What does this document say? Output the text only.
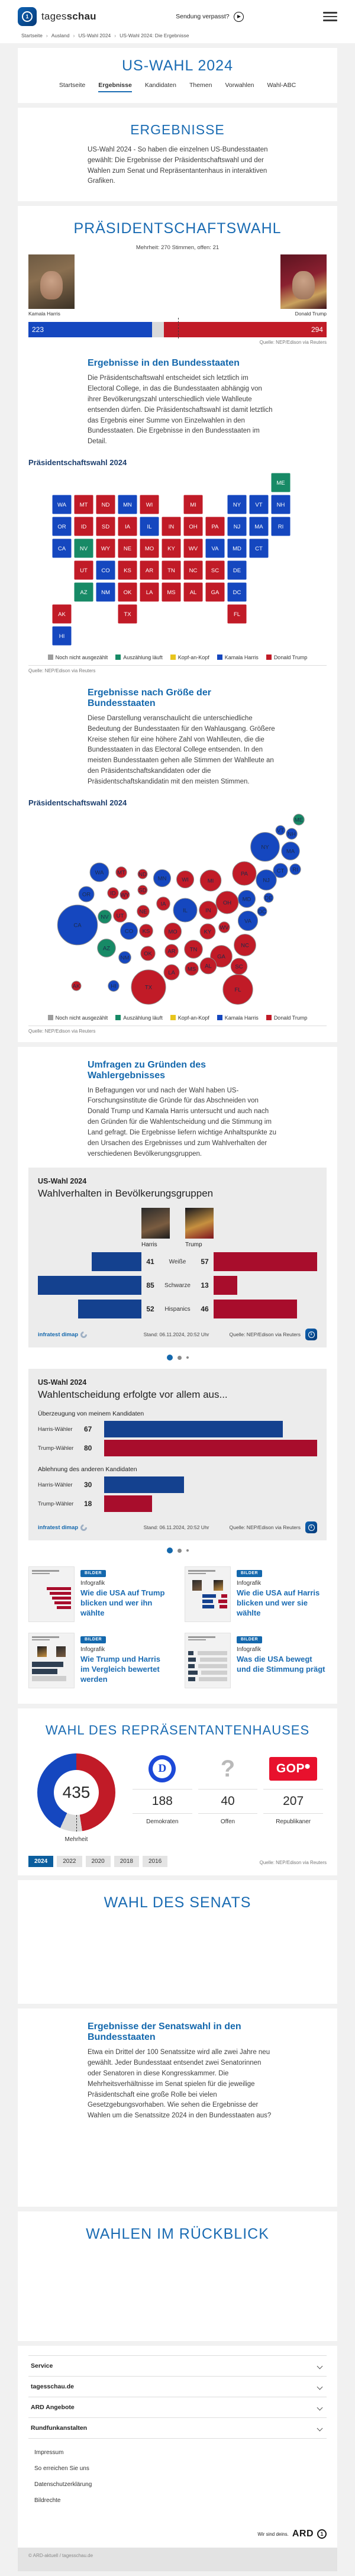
1	tagesschau	Sendung verpasst?
Startseite › Ausland › US-Wahl 2024 › US-Wahl 2024: Die Ergebnisse
US-WAHL 2024
Startseite Ergebnisse Kandidaten Themen Vorwahlen Wahl-ABC
ERGEBNISSE

US-Wahl 2024 - So haben die einzelnen US-Bundesstaaten gewählt: Die Ergebnisse der Präsidentschaftswahl und der Wahlen zum Senat und Repräsentantenhaus in interaktiven Grafiken.

PRÄSIDENTSCHAFTSWAHL
Mehrheit: 270 Stimmen, offen: 21
Kamala Harris	Donald Trump
223	294
Quelle: NEP/Edison via Reuters
Ergebnisse in den Bundesstaaten

Die Präsidentschaftswahl entscheidet sich letztlich im Electoral College, in das die Bundesstaaten abhängig von ihrer Bevölkerungszahl unterschiedlich viele Wahlleute entsenden dürfen. Die Präsidentschaftswahl ist damit letztlich das Ergebnis einer Summe von Einzelwahlen in den Bundesstaaten. Die Ergebnisse in den Bundesstaaten im Detail.

Präsidentschaftswahl 2024
ME
WA MT ND MN	WI	MI	NY	VT	NH
OR	ID	SD	IA	IL	IN	OH	PA	NJ	MA	RI
CA	NV WY NE MO KY WV VA MD CT
UT CO KS	AR	TN	NC SC	DE
AZ NM OK	LA	MS	AL	GA DC
AK	TX	FL
HI
Noch nicht ausgezählt	Auszählung läuft	Kopf-an-Kopf	Kamala Harris	Donald Trump
Quelle: NEP/Edison via Reuters
Ergebnisse nach Größe der Bundesstaaten

Diese Darstellung veranschaulicht die unterschiedliche Bedeutung der Bundesstaaten für den Wahlausgang. Größere Kreise stehen für eine höhere Zahl von Wahlleuten, die die Bundesstaaten in das Electoral College entsenden. In den meisten Bundesstaaten gehen alle Stimmen der Wahlleute an den Präsidentschaftskandidaten oder die Präsidentschaftskandidatin mit den meisten Stimmen.

Präsidentschaftswahl 2024
WA MT ND
MN	WI	MI
PA
NY
VT
NH
MA
ME
CT RI
NJ
OR	ID WY
SD
IA
IL	IN
OH
MD DE
CA
NV UT
NE
CO KS	MO	KY
WV
VA
NC
AZ
NM
OK	AR	TN
SC
GA
MS AL
LA
TX
AK	HI
FL
DC
Noch nicht ausgezählt	Auszählung läuft	Kopf-an-Kopf	Kamala Harris	Donald Trump
Quelle: NEP/Edison via Reuters
Umfragen zu Gründen des Wahlergebnisses

In Befragungen vor und nach der Wahl haben US-Forschungsinstitute die Gründe für das Abschneiden von Donald Trump und Kamala Harris untersucht und auch nach den Gründen für die Wahlentscheidung und die Stimmung im Land gefragt. Die Ergebnisse liefern wichtige Anhaltspunkte zu den Ursachen des Ergebnisses und zum Wahlverhalten der verschiedenen Bevölkerungsgruppen.

US-Wahl 2024
Wahlverhalten in Bevölkerungsgruppen
Harris	Trump
41	Weiße	57
85	Schwarze	13
52	Hispanics	46
infratest dimap	Stand: 06.11.2024, 20:52 Uhr	Quelle: NEP/Edison via Reuters	1
US-Wahl 2024
Wahlentscheidung erfolgte vor allem aus...
Überzeugung von meinem Kandidaten
Harris-Wähler	67
Trump-Wähler	80
Ablehnung des anderen Kandidaten
Harris-Wähler	30
Trump-Wähler	18
infratest dimap	Stand: 06.11.2024, 20:52 Uhr	Quelle: NEP/Edison via Reuters	1
BILDER
Infografik
Wie die USA auf Trump blicken und wer ihn wählte
BILDER
Infografik
Wie die USA auf Harris blicken und wer sie wählte
BILDER
Infografik
Wie Trump und Harris im Vergleich bewertet werden
BILDER
Infografik
Was die USA bewegt und die Stimmung prägt
WAHL DES REPRÄSENTANTENHAUSES
435
Mehrheit
D
188
Demokraten
?
40
Offen
GOP⬤
207
Republikaner
2024	2022	2020	2018	2016	Quelle: NEP/Edison via Reuters
WAHL DES SENATS
Ergebnisse der Senatswahl in den Bundesstaaten

Etwa ein Drittel der 100 Senatssitze wird alle zwei Jahre neu gewählt. Jeder Bundesstaat entsendet zwei Senatorinnen oder Senatoren in diese Kongresskammer. Die Mehrheitsverhältnisse im Senat spielen für die jeweilige Präsidentschaft eine große Rolle bei vielen Gesetzgebungsvorhaben. Wie sehen die Ergebnisse der Wahlen um die Senatssitze 2024 in den Bundesstaaten aus?

WAHLEN IM RÜCKBLICK
Service
tagesschau.de
ARD Angebote
Rundfunkanstalten
Impressum
So erreichen Sie uns
Datenschutzerklärung
Bildrechte
Wir sind deins. ARD	1
© ARD-aktuell / tagesschau.de
